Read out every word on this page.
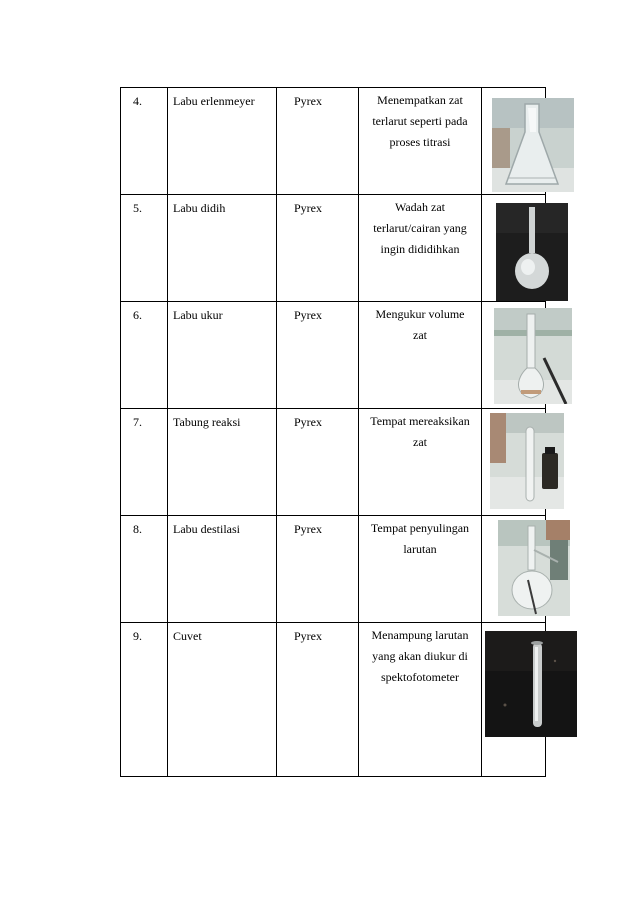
4.	Labu erlenmeyer	Pyrex	Menempatkan zat
terlarut seperti pada
proses titrasi

5.	Labu didih	Pyrex	Wadah zat
terlarut/cairan yang
ingin dididihkan

6.	Labu ukur	Pyrex	Mengukur volume
zat

7.	Tabung reaksi	Pyrex	Tempat mereaksikan
zat

8.	Labu destilasi	Pyrex	Tempat penyulingan
larutan

9.	Cuvet	Pyrex	Menampung larutan
yang akan diukur di
spektofotometer
